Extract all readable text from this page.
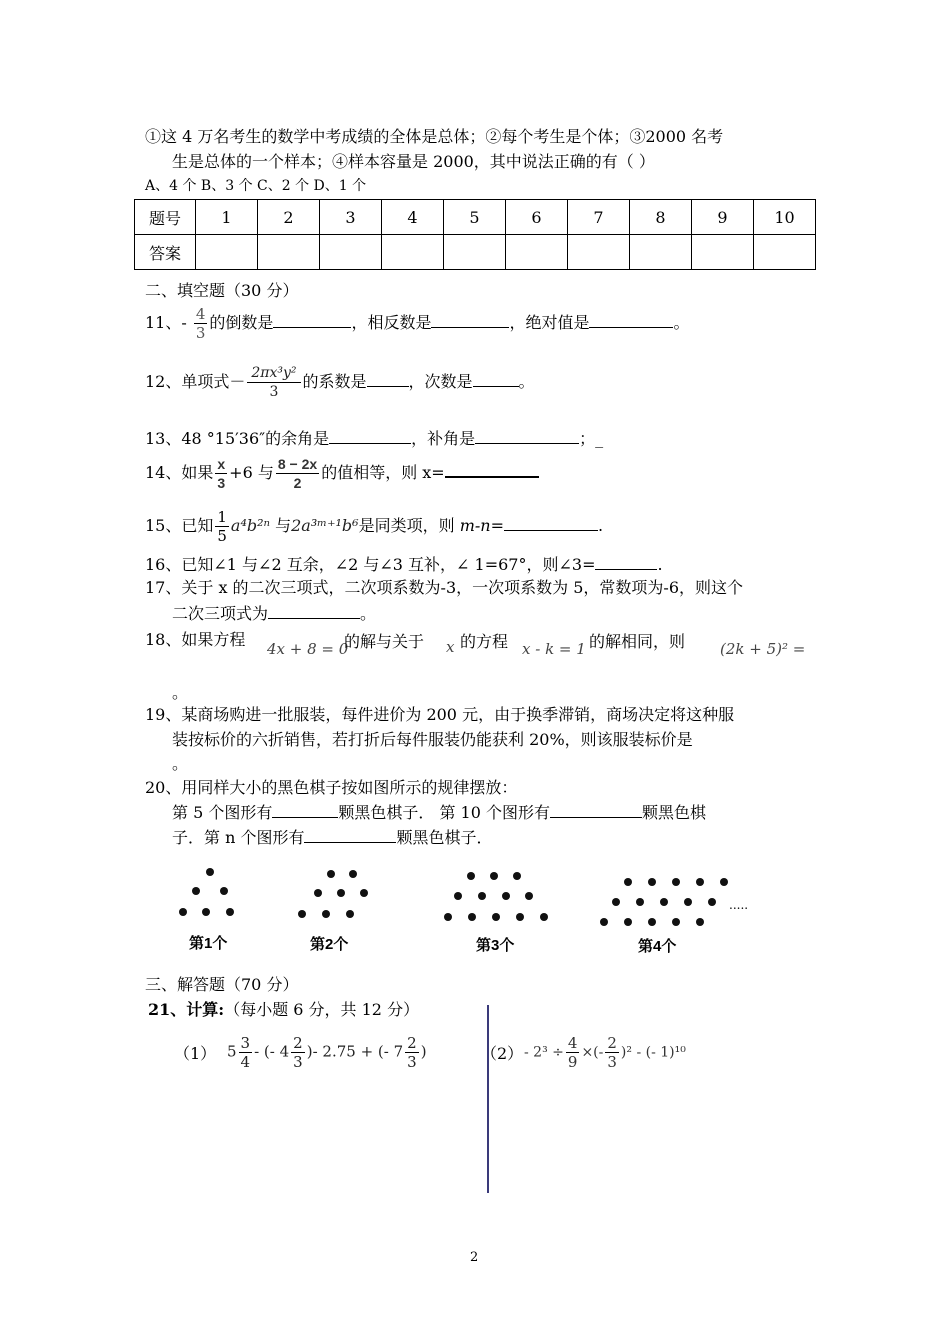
①这 4 万名考生的数学中考成绩的全体是总体；②每个考生是个体；③2000 名考
生是总体的一个样本；④样本容量是 2000，其中说法正确的有（ ）
A、4 个 B、3 个 C、2 个 D、1 个
题号	1	2	3	4	5	6	7	8	9	10
答案										
二、填空题（30 分）
11、- $\frac{4}{3}$ 的倒数是	，相反数是	，绝对值是	。
12、单项式－ $\frac{\text{2πx³y²}}{3}$ 的系数是	，次数是	。
13、48 °15′36″的余角是	，补角是	；_
14、如果 $\frac{x}{3} +6$ 与 $\frac{8 - 2x}{2}$ 的值相等，则 x=
15、已知 $\frac{1}{5} a^4b^{2n}$ 与2a³ᵐ⁺¹b⁶是同类项，则 m-n=	.
16、已知∠1 与∠2 互余，∠2 与∠3 互补，∠ 1=67°，则∠3=	.
17、关于 x 的二次三项式，二次项系数为-3，一次项系数为 5，常数项为-6，则这个
二次三项式为	。
18、如果方程 4x + 8 = 0
的解与关于 x 的方程 x - k = 1 的解相同，则 (2k + 5)² =
。
19、某商场购进一批服装，每件进价为 200 元，由于换季滞销，商场决定将这种服
装按标价的六折销售，若打折后每件服装仍能获利 20%，则该服装标价是
。
20、用同样大小的黑色棋子按如图所示的规律摆放：
第 5 个图形有	颗黑色棋子． 第 10 个图形有	颗黑色棋
子．第 n 个图形有	颗黑色棋子．
第1个	第2个	第3个	第4个
.....
三、解答题（70 分）
21、计算:（每小题 6 分，共 12 分）
（1） $5 \frac{3}{4}$ - (- $4 \frac{2}{3}$ )- 2.75 + (- $7 \frac{2}{3}$ )	$(2) - 2^3 \div \frac{4}{9}$ ×(- $\frac{2}{3} )^2$ - (- 1)¹⁰
2
